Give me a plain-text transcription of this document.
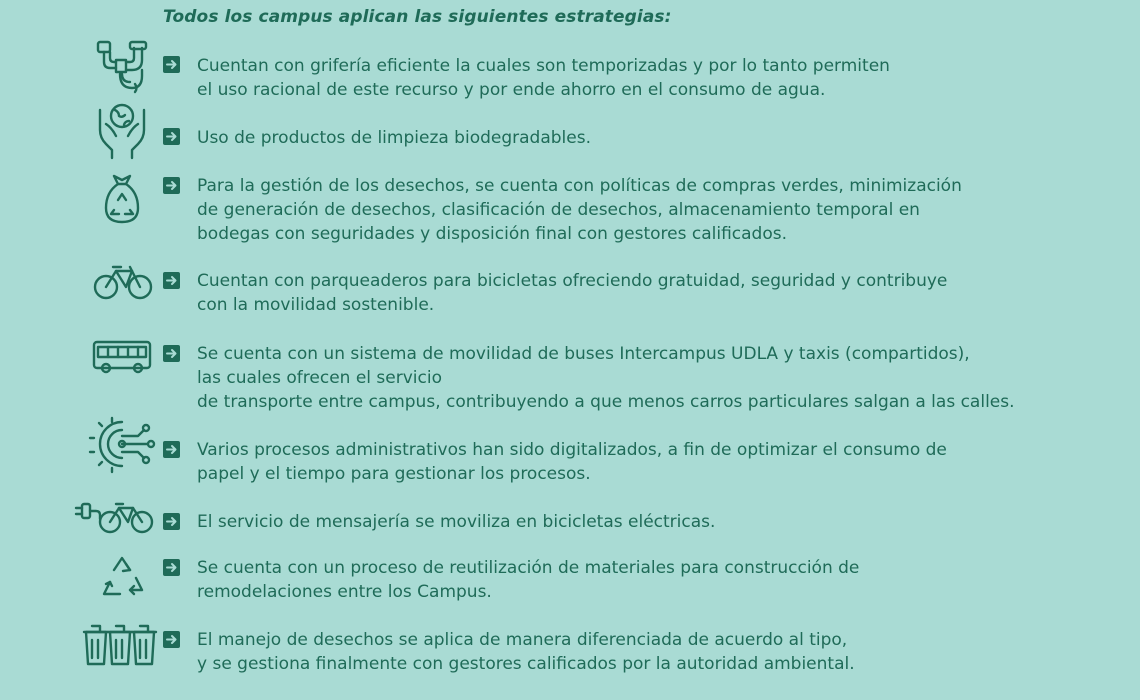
Todos los campus aplican las siguientes estrategias:
Cuentan con grifería eficiente la cuales son temporizadas y por lo tanto permiten
el uso racional de este recurso y por ende ahorro en el consumo de agua.
Uso de productos de limpieza biodegradables.
Para la gestión de los desechos, se cuenta con políticas de compras verdes, minimización
de generación de desechos, clasificación de desechos, almacenamiento temporal en
bodegas con seguridades y disposición final con gestores calificados.
Cuentan con parqueaderos para bicicletas ofreciendo gratuidad, seguridad y contribuye
con la movilidad sostenible.
Se cuenta con un sistema de movilidad de buses Intercampus UDLA y taxis (compartidos),
las cuales ofrecen el servicio
de transporte entre campus, contribuyendo a que menos carros particulares salgan a las calles.
Varios procesos administrativos han sido digitalizados, a fin de optimizar el consumo de
papel y el tiempo para gestionar los procesos.
El servicio de mensajería se moviliza en bicicletas eléctricas.
Se cuenta con un proceso de reutilización de materiales para construcción de
remodelaciones entre los Campus.
El manejo de desechos se aplica de manera diferenciada de acuerdo al tipo,
y se gestiona finalmente con gestores calificados por la autoridad ambiental.
